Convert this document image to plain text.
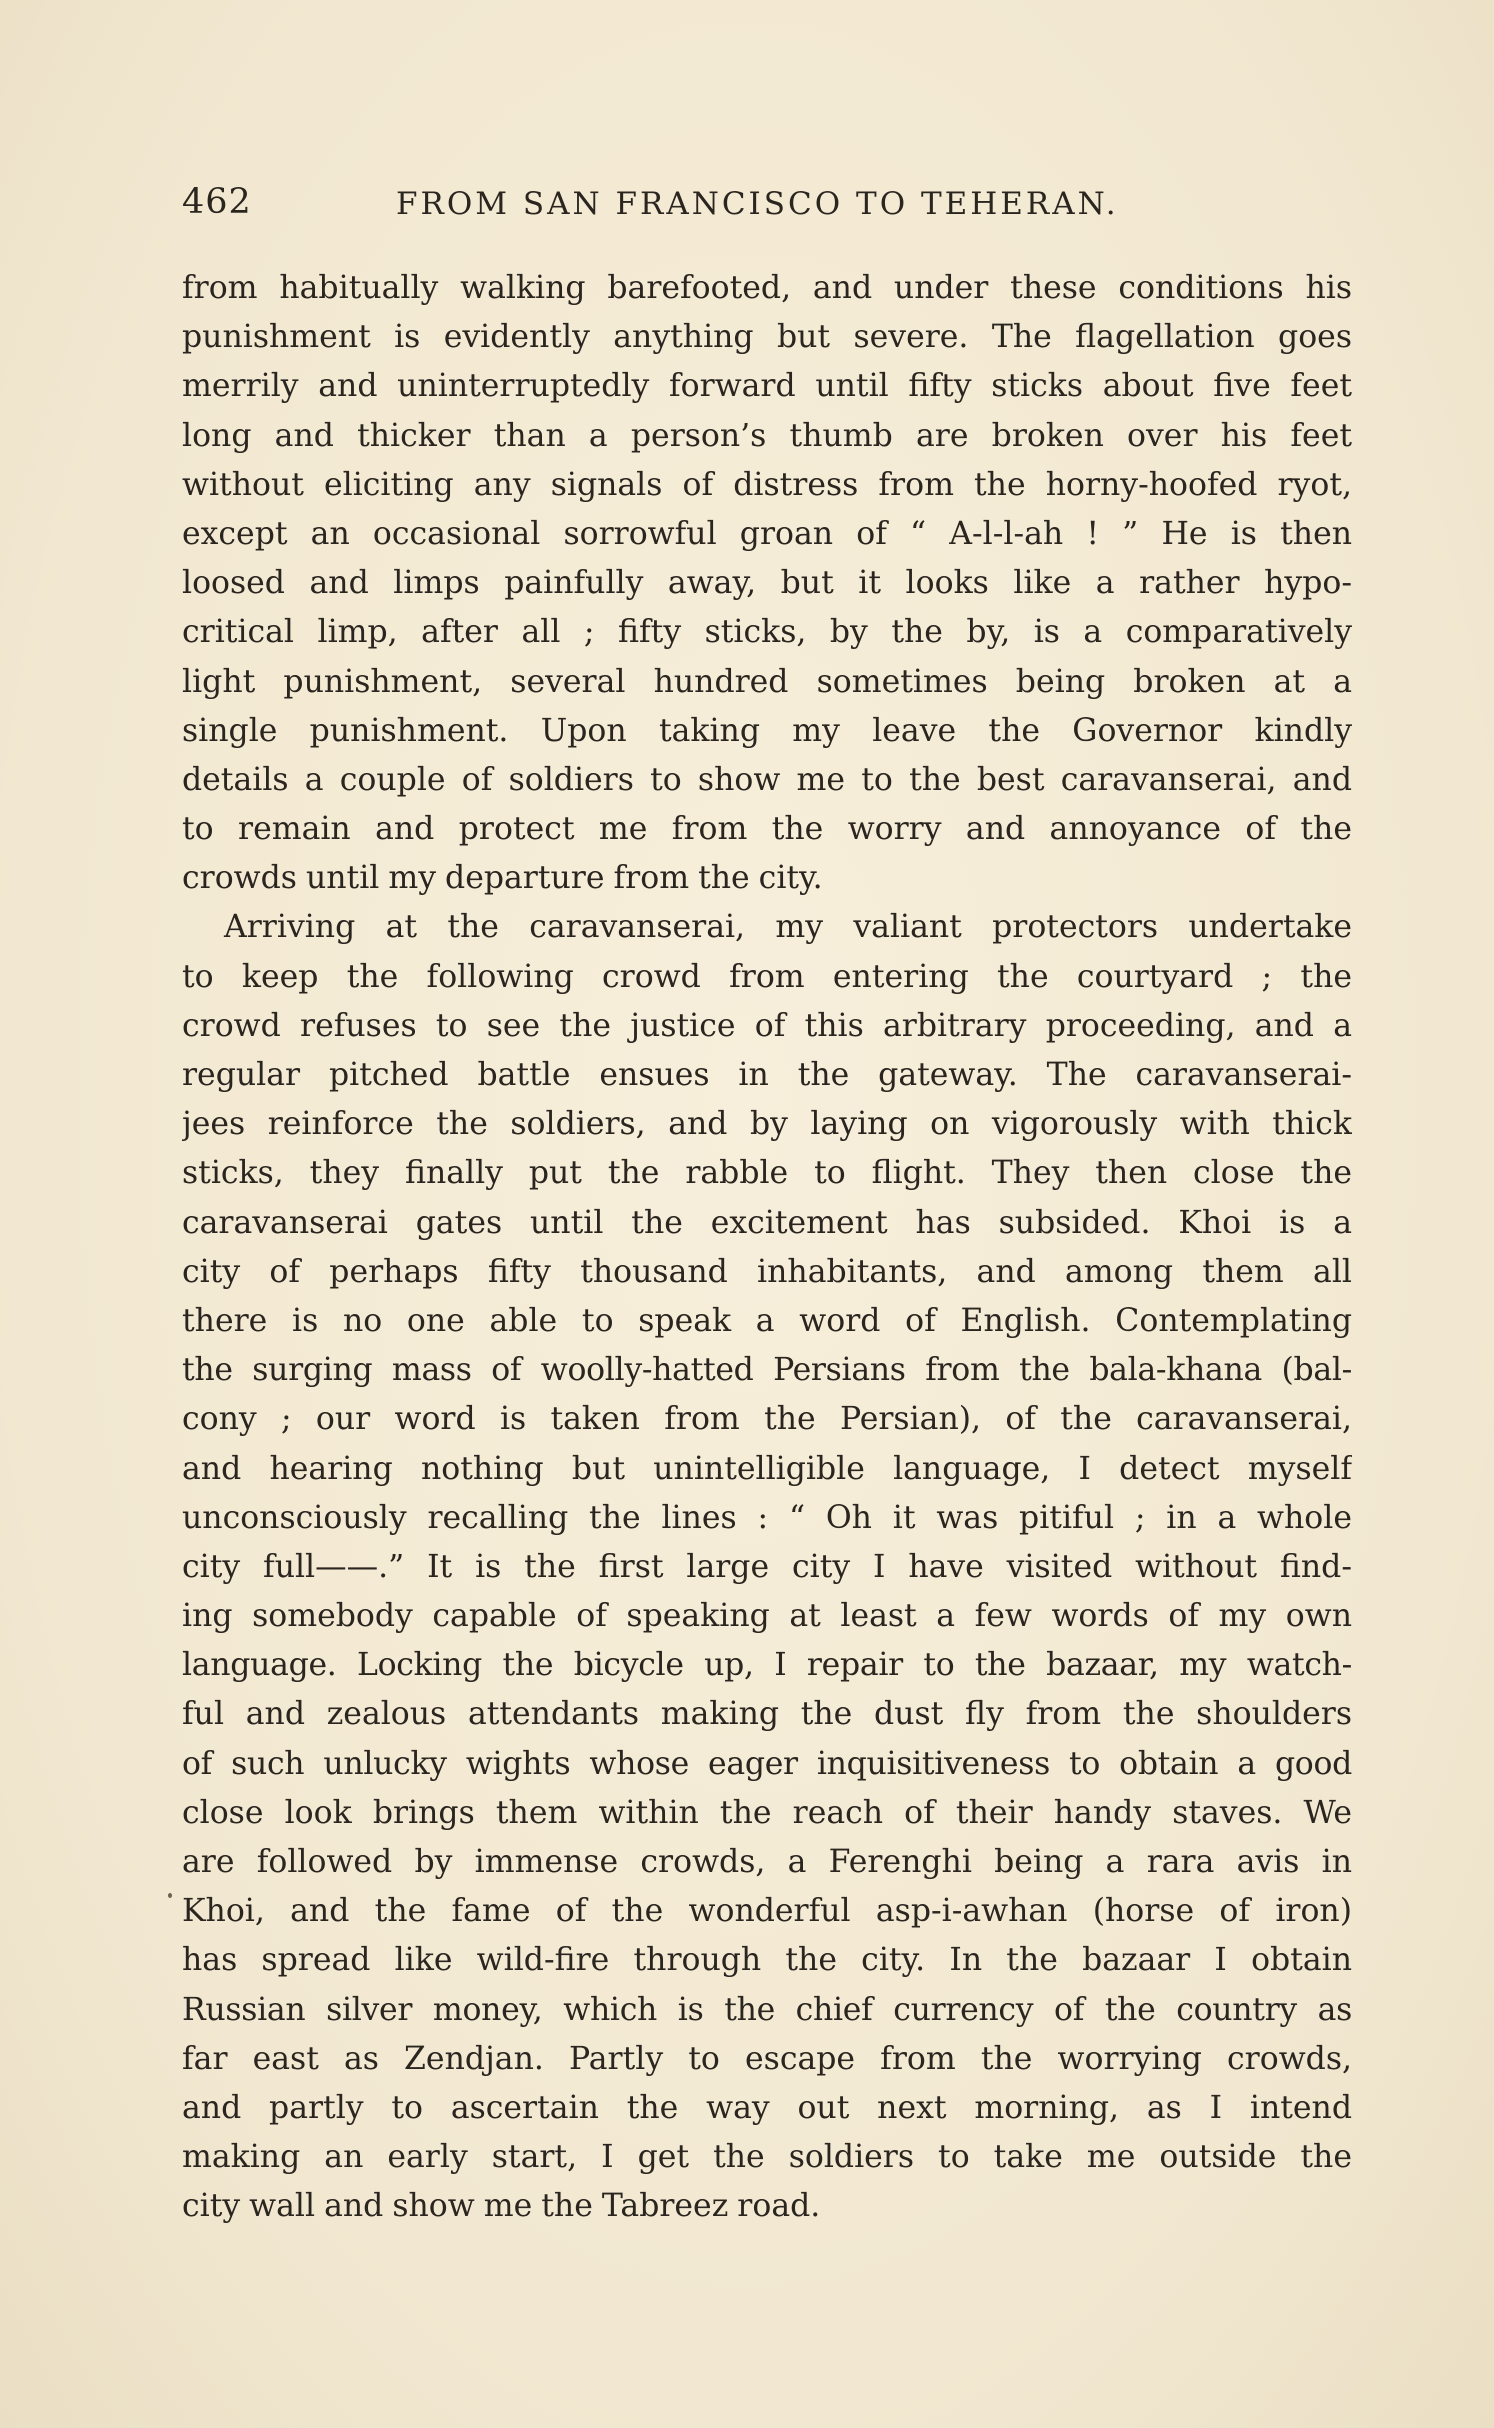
462	FROM SAN FRANCISCO TO TEHERAN.
from habitually walking barefooted, and under these conditions his
punishment is evidently anything but severe. The flagellation goes
merrily and uninterruptedly forward until fifty sticks about five feet
long and thicker than a person’s thumb are broken over his feet
without eliciting any signals of distress from the horny-hoofed ryot,
except an occasional sorrowful groan of “ A-l-l-ah ! ” He is then
loosed and limps painfully away, but it looks like a rather hypo-
critical limp, after all ; fifty sticks, by the by, is a comparatively
light punishment, several hundred sometimes being broken at a
single punishment. Upon taking my leave the Governor kindly
details a couple of soldiers to show me to the best caravanserai, and
to remain and protect me from the worry and annoyance of the
crowds until my departure from the city.
Arriving at the caravanserai, my valiant protectors undertake
to keep the following crowd from entering the courtyard ; the
crowd refuses to see the justice of this arbitrary proceeding, and a
regular pitched battle ensues in the gateway. The caravanserai-
jees reinforce the soldiers, and by laying on vigorously with thick
sticks, they finally put the rabble to flight. They then close the
caravanserai gates until the excitement has subsided. Khoi is a
city of perhaps fifty thousand inhabitants, and among them all
there is no one able to speak a word of English. Contemplating
the surging mass of woolly-hatted Persians from the bala-khana (bal-
cony ; our word is taken from the Persian), of the caravanserai,
and hearing nothing but unintelligible language, I detect myself
unconsciously recalling the lines : “ Oh it was pitiful ; in a whole
city full——.” It is the first large city I have visited without find-
ing somebody capable of speaking at least a few words of my own
language. Locking the bicycle up, I repair to the bazaar, my watch-
ful and zealous attendants making the dust fly from the shoulders
of such unlucky wights whose eager inquisitiveness to obtain a good
close look brings them within the reach of their handy staves. We
are followed by immense crowds, a Ferenghi being a rara avis in
Khoi, and the fame of the wonderful asp-i-awhan (horse of iron)
has spread like wild-fire through the city. In the bazaar I obtain
Russian silver money, which is the chief currency of the country as
far east as Zendjan. Partly to escape from the worrying crowds,
and partly to ascertain the way out next morning, as I intend
making an early start, I get the soldiers to take me outside the
city wall and show me the Tabreez road.
